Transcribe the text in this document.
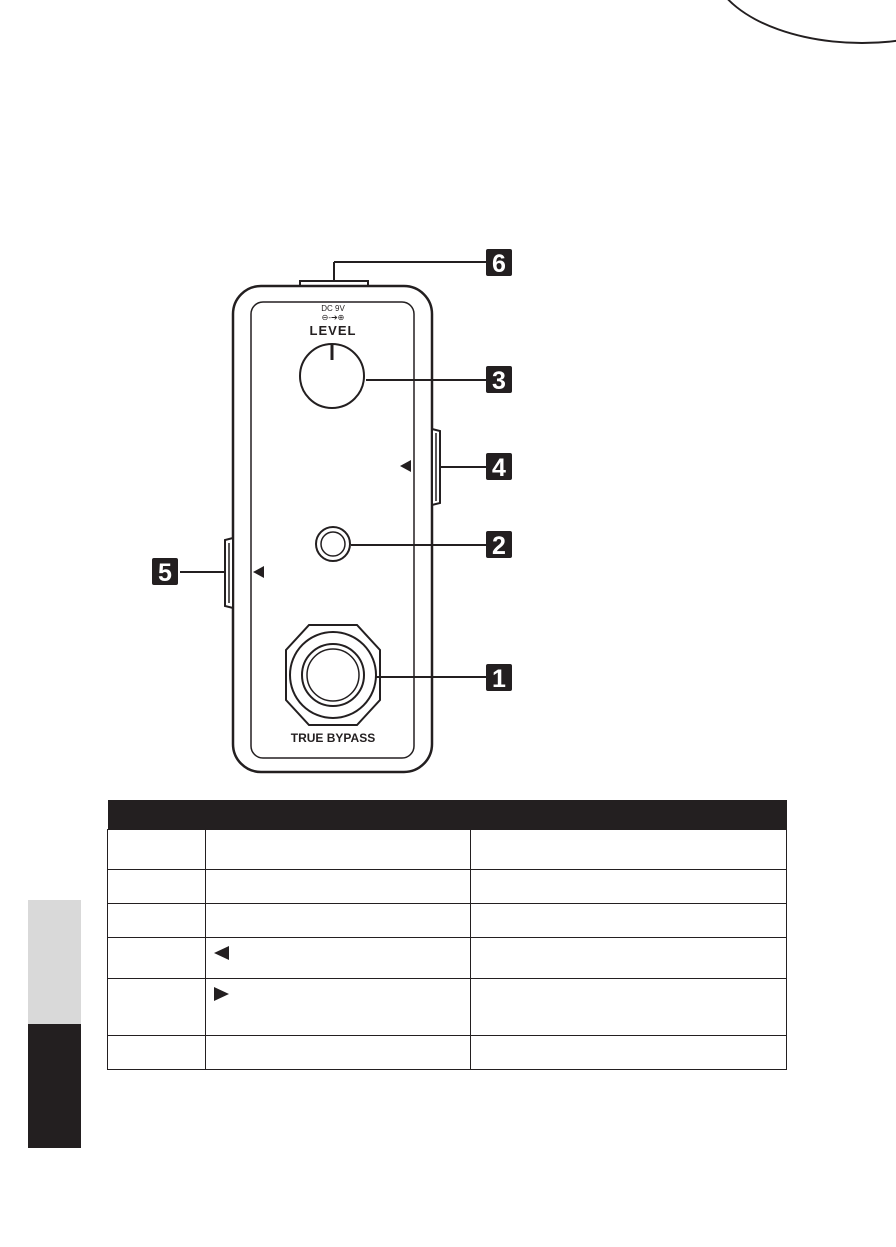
DC 9V
⊖-➔⊕
LEVEL
TRUE BYPASS
6
3
4
2
5
1
